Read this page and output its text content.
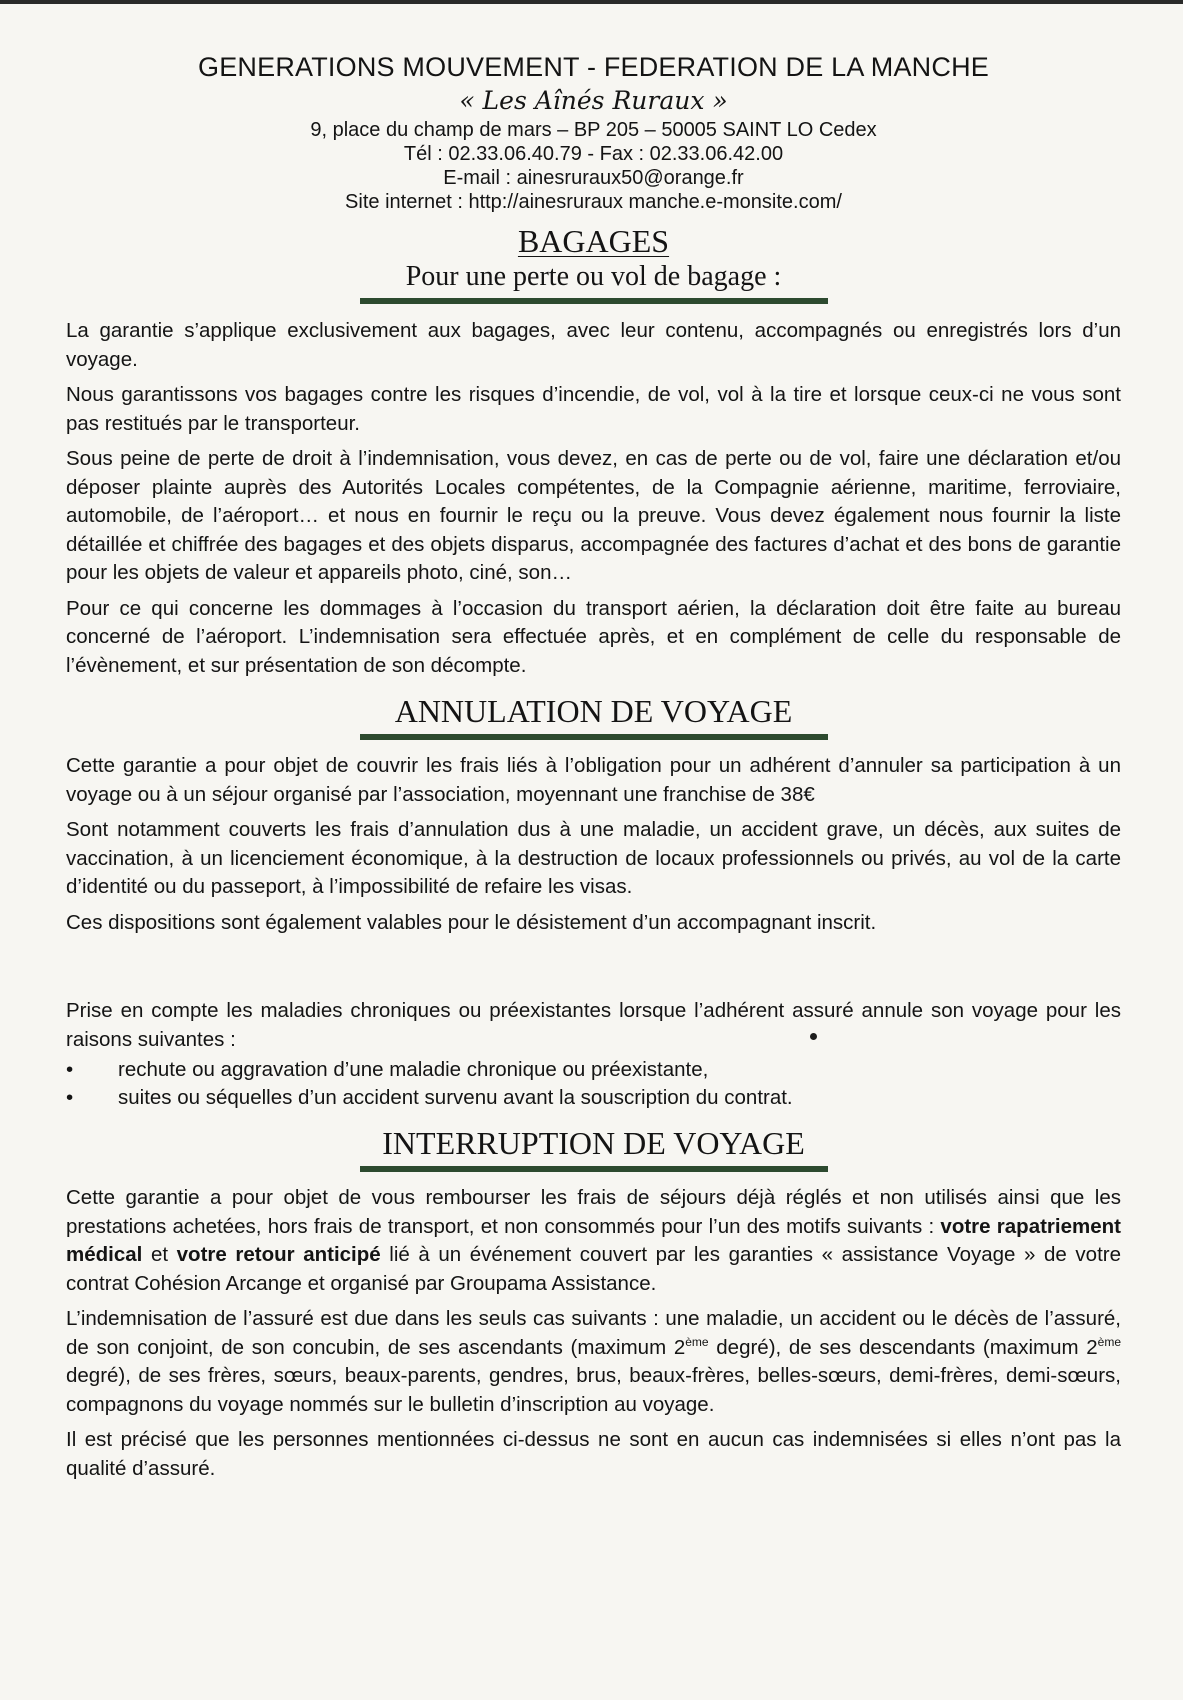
GENERATIONS MOUVEMENT - FEDERATION DE LA MANCHE
« Les Aînés Ruraux »
9, place du champ de mars – BP 205 – 50005 SAINT LO Cedex
Tél : 02.33.06.40.79 - Fax : 02.33.06.42.00
E-mail : ainesruraux50@orange.fr
Site internet : http://ainesruraux manche.e-monsite.com/
BAGAGES
Pour une perte ou vol de bagage :

La garantie s’applique exclusivement aux bagages, avec leur contenu, accompagnés ou enregistrés lors d’un voyage.

Nous garantissons vos bagages contre les risques d’incendie, de vol, vol à la tire et lorsque ceux-ci ne vous sont pas restitués par le transporteur.

Sous peine de perte de droit à l’indemnisation, vous devez, en cas de perte ou de vol, faire une déclaration et/ou déposer plainte auprès des Autorités Locales compétentes, de la Compagnie aérienne, maritime, ferroviaire, automobile, de l’aéroport… et nous en fournir le reçu ou la preuve. Vous devez également nous fournir la liste détaillée et chiffrée des bagages et des objets disparus, accompagnée des factures d’achat et des bons de garantie pour les objets de valeur et appareils photo, ciné, son…

Pour ce qui concerne les dommages à l’occasion du transport aérien, la déclaration doit être faite au bureau concerné de l’aéroport. L’indemnisation sera effectuée après, et en complément de celle du responsable de l’évènement, et sur présentation de son décompte.

ANNULATION DE VOYAGE

Cette garantie a pour objet de couvrir les frais liés à l’obligation pour un adhérent d’annuler sa participation à un voyage ou à un séjour organisé par l’association, moyennant une franchise de 38€

Sont notamment couverts les frais d’annulation dus à une maladie, un accident grave, un décès, aux suites de vaccination, à un licenciement économique, à la destruction de locaux professionnels ou privés, au vol de la carte d’identité ou du passeport, à l’impossibilité de refaire les visas.

Ces dispositions sont également valables pour le désistement d’un accompagnant inscrit.

Prise en compte les maladies chroniques ou préexistantes lorsque l’adhérent assuré annule son voyage pour les raisons suivantes :

• rechute ou aggravation d’une maladie chronique ou préexistante,
• suites ou séquelles d’un accident survenu avant la souscription du contrat.
INTERRUPTION DE VOYAGE

Cette garantie a pour objet de vous rembourser les frais de séjours déjà réglés et non utilisés ainsi que les prestations achetées, hors frais de transport, et non consommés pour l’un des motifs suivants : votre rapatriement médical et votre retour anticipé lié à un événement couvert par les garanties « assistance Voyage » de votre contrat Cohésion Arcange et organisé par Groupama Assistance.

L’indemnisation de l’assuré est due dans les seuls cas suivants : une maladie, un accident ou le décès de l’assuré, de son conjoint, de son concubin, de ses ascendants (maximum 2ème degré), de ses descendants (maximum 2ème degré), de ses frères, sœurs, beaux-parents, gendres, brus, beaux-frères, belles-sœurs, demi-frères, demi-sœurs, compagnons du voyage nommés sur le bulletin d’inscription au voyage.

Il est précisé que les personnes mentionnées ci-dessus ne sont en aucun cas indemnisées si elles n’ont pas la qualité d’assuré.
